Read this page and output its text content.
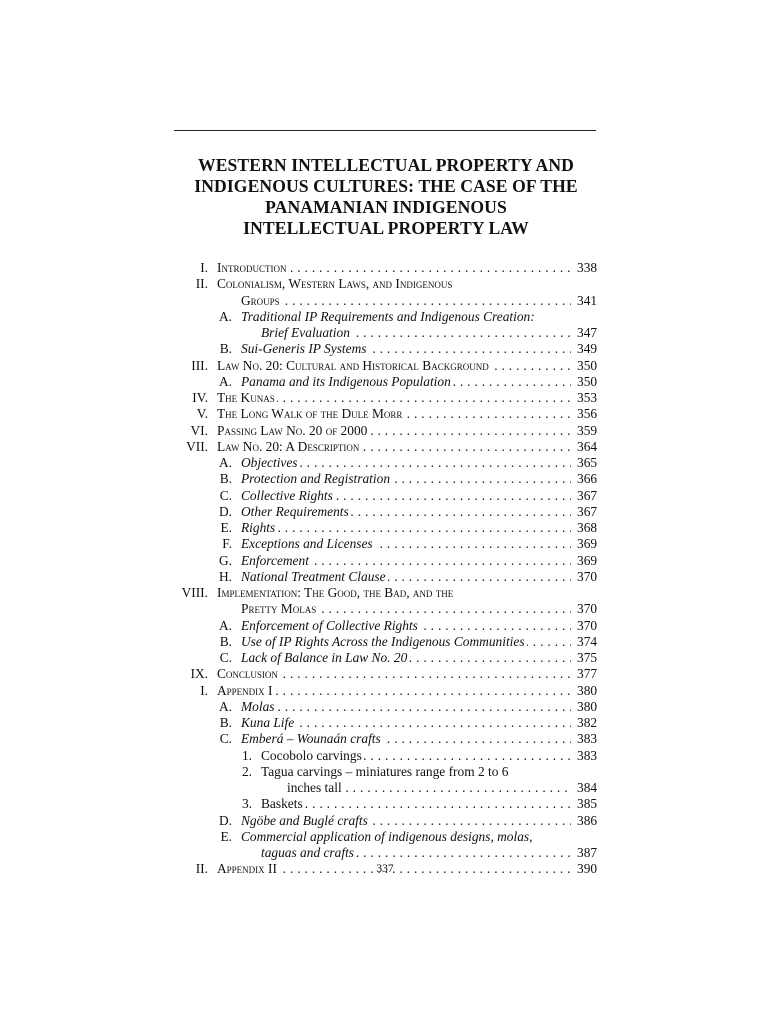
WESTERN INTELLECTUAL PROPERTY AND
INDIGENOUS CULTURES: THE CASE OF THE
PANAMANIAN INDIGENOUS
INTELLECTUAL PROPERTY LAW
I. Introduction . . .	338
II. Colonialism, Western Laws, and Indigenous
Groups . . .	341
A. Traditional IP Requirements and Indigenous Creation:
Brief Evaluation . . .	347
B. Sui-Generis IP Systems . . .	349
III. Law No. 20: Cultural and Historical Background . . .	350
A. Panama and its Indigenous Population . . .	350
IV. The Kunas . . .	353
V. The Long Walk of the Dule Morr . . .	356
VI. Passing Law No. 20 of 2000 . . .	359
VII. Law No. 20: A Description . . .	364
A. Objectives . . .	365
B. Protection and Registration . . .	366
C. Collective Rights . . .	367
D. Other Requirements . . .	367
E. Rights . . .	368
F. Exceptions and Licenses . . .	369
G. Enforcement . . .	369
H. National Treatment Clause . . .	370
VIII. Implementation: The Good, the Bad, and the
Pretty Molas . . .	370
A. Enforcement of Collective Rights . . .	370
B. Use of IP Rights Across the Indigenous Communities . . .	374
C. Lack of Balance in Law No. 20 . . .	375
IX. Conclusion . . .	377
I. Appendix I . . .	380
A. Molas . . .	380
B. Kuna Life . . .	382
C. Emberá – Wounaán crafts . . .	383
1. Cocobolo carvings . . .	383
2. Tagua carvings – miniatures range from 2 to 6
inches tall . . .	384
3. Baskets . . .	385
D. Ngöbe and Buglé crafts . . .	386
E. Commercial application of indigenous designs, molas,
taguas and crafts . . .	387
II. Appendix II . . .	390
337
